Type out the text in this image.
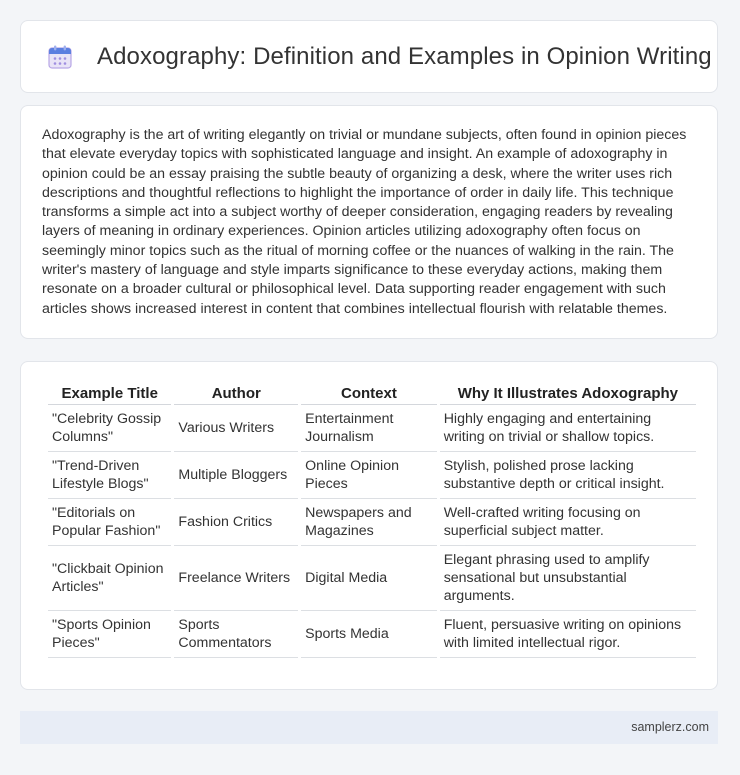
Adoxography: Definition and Examples in Opinion Writing

Adoxography is the art of writing elegantly on trivial or mundane subjects, often found in opinion pieces that elevate everyday topics with sophisticated language and insight. An example of adoxography in opinion could be an essay praising the subtle beauty of organizing a desk, where the writer uses rich descriptions and thoughtful reflections to highlight the importance of order in daily life. This technique transforms a simple act into a subject worthy of deeper consideration, engaging readers by revealing layers of meaning in ordinary experiences. Opinion articles utilizing adoxography often focus on seemingly minor topics such as the ritual of morning coffee or the nuances of walking in the rain. The writer's mastery of language and style imparts significance to these everyday actions, making them resonate on a broader cultural or philosophical level. Data supporting reader engagement with such articles shows increased interest in content that combines intellectual flourish with relatable themes.

Example Title	Author	Context	Why It Illustrates Adoxography
"Celebrity Gossip Columns"	Various Writers	Entertainment Journalism	Highly engaging and entertaining writing on trivial or shallow topics.
"Trend-Driven Lifestyle Blogs"	Multiple Bloggers	Online Opinion Pieces	Stylish, polished prose lacking substantive depth or critical insight.
"Editorials on Popular Fashion"	Fashion Critics	Newspapers and Magazines	Well-crafted writing focusing on superficial subject matter.
"Clickbait Opinion Articles"	Freelance Writers	Digital Media	Elegant phrasing used to amplify sensational but unsubstantial arguments.
"Sports Opinion Pieces"	Sports Commentators	Sports Media	Fluent, persuasive writing on opinions with limited intellectual rigor.
samplerz.com
